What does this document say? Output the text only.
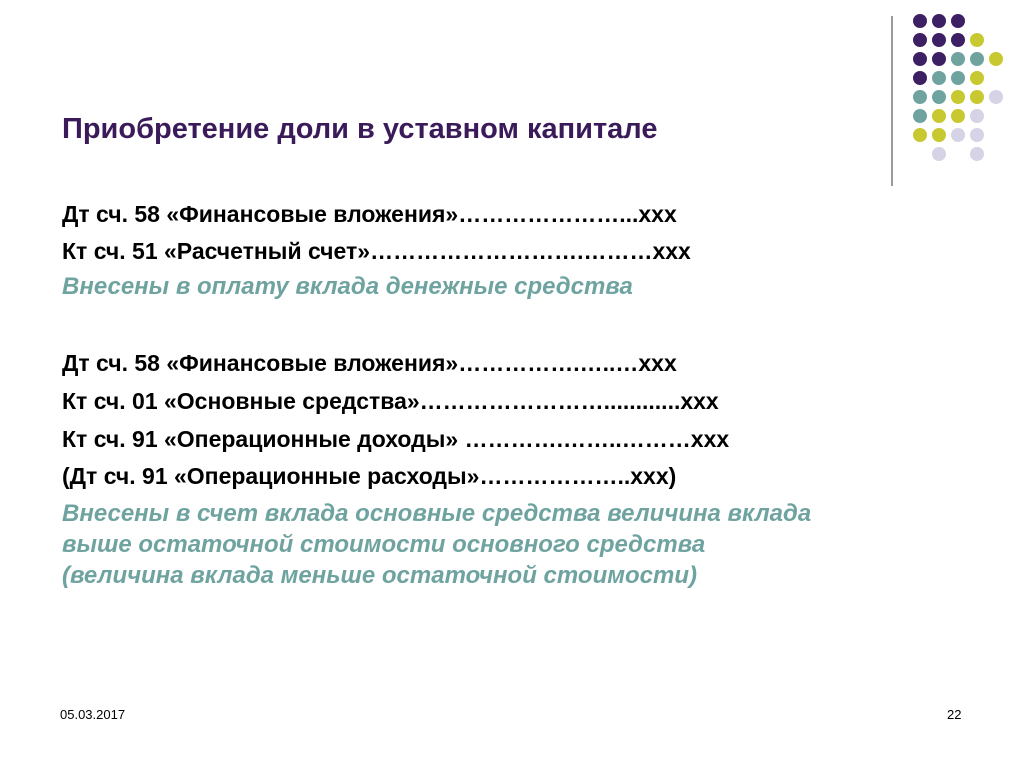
Приобретение доли в уставном капитале
Дт сч. 58 «Финансовые вложения»…………………...ххх
Кт сч. 51 «Расчетный счет»……………………….………ххх
Внесены в оплату вклада денежные средства
Дт сч. 58 «Финансовые вложения»…………….…..…ххх
Кт сч. 01 «Основные средства»……………………............ххх
Кт сч. 91 «Операционные доходы» ………….……..………ххх
(Дт сч. 91 «Операционные расходы»………………..ххх)
Внесены в счет вклада основные средства величина вклада
выше остаточной стоимости основного средства
(величина вклада меньше остаточной стоимости)
05.03.2017	22
